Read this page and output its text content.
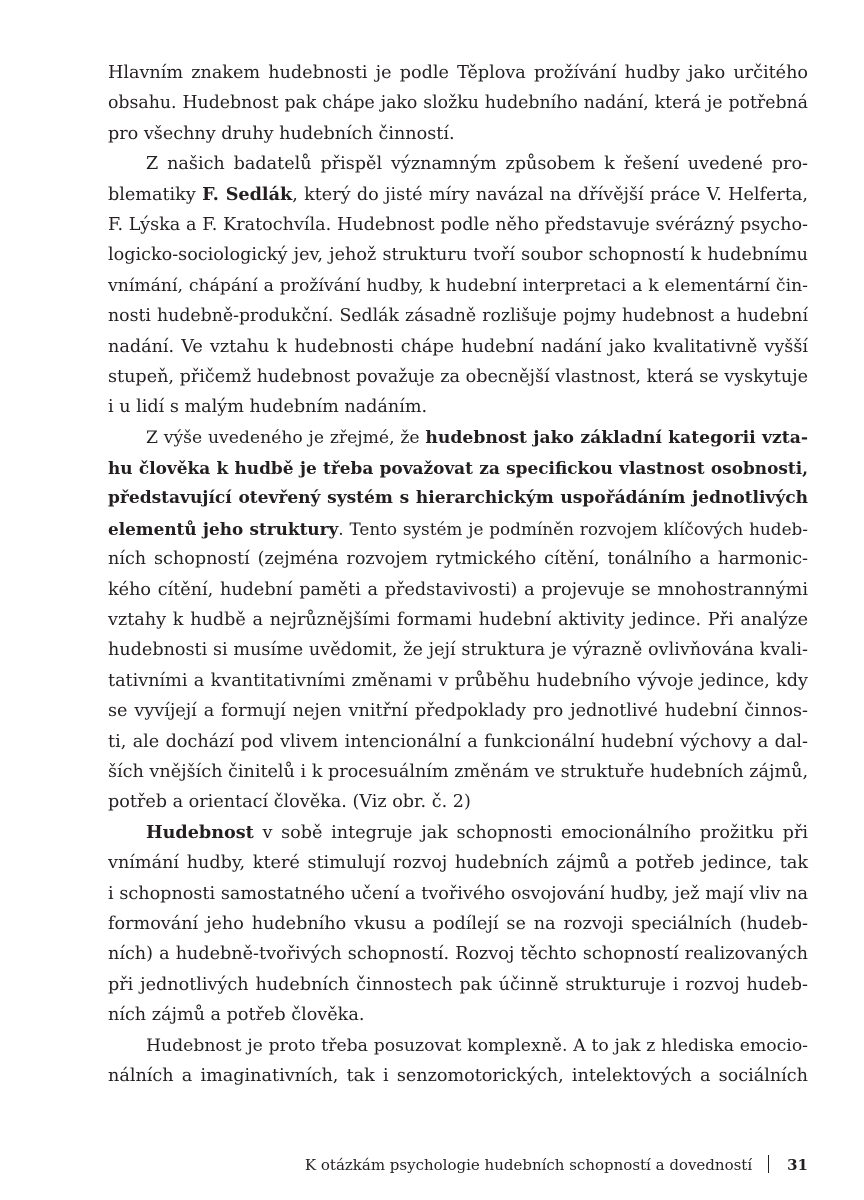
Hlavním znakem hudebnosti je podle Těplova prožívání hudby jako určitého
obsahu. Hudebnost pak chápe jako složku hudebního nadání, která je potřebná
pro všechny druhy hudebních činností.
Z našich badatelů přispěl významným způsobem k řešení uvedené pro-
blematiky F. Sedlák, který do jisté míry navázal na dřívější práce V. Helferta,
F. Lýska a F. Kratochvíla. Hudebnost podle něho představuje svérázný psycho-
logicko-sociologický jev, jehož strukturu tvoří soubor schopností k hudebnímu
vnímání, chápání a prožívání hudby, k hudební interpretaci a k elementární čin-
nosti hudebně-produkční. Sedlák zásadně rozlišuje pojmy hudebnost a hudební
nadání. Ve vztahu k hudebnosti chápe hudební nadání jako kvalitativně vyšší
stupeň, přičemž hudebnost považuje za obecnější vlastnost, která se vyskytuje
i u lidí s malým hudebním nadáním.
Z výše uvedeného je zřejmé, že hudebnost jako základní kategorii vzta-
hu člověka k hudbě je třeba považovat za specifickou vlastnost osobnosti,
představující otevřený systém s hierarchickým uspořádáním jednotlivých
elementů jeho struktury. Tento systém je podmíněn rozvojem klíčových hudeb-
ních schopností (zejména rozvojem rytmického cítění, tonálního a harmonic-
kého cítění, hudební paměti a představivosti) a projevuje se mnohostrannými
vztahy k hudbě a nejrůznějšími formami hudební aktivity jedince. Při analýze
hudebnosti si musíme uvědomit, že její struktura je výrazně ovlivňována kvali-
tativními a kvantitativními změnami v průběhu hudebního vývoje jedince, kdy
se vyvíjejí a formují nejen vnitřní předpoklady pro jednotlivé hudební činnos-
ti, ale dochází pod vlivem intencionální a funkcionální hudební výchovy a dal-
ších vnějších činitelů i k procesuálním změnám ve struktuře hudebních zájmů,
potřeb a orientací člověka. (Viz obr. č. 2)
Hudebnost v sobě integruje jak schopnosti emocionálního prožitku při
vnímání hudby, které stimulují rozvoj hudebních zájmů a potřeb jedince, tak
i schopnosti samostatného učení a tvořivého osvojování hudby, jež mají vliv na
formování jeho hudebního vkusu a podílejí se na rozvoji speciálních (hudeb-
ních) a hudebně-tvořivých schopností. Rozvoj těchto schopností realizovaných
při jednotlivých hudebních činnostech pak účinně strukturuje i rozvoj hudeb-
ních zájmů a potřeb člověka.
Hudebnost je proto třeba posuzovat komplexně. A to jak z hlediska emocio-
nálních a imaginativních, tak i senzomotorických, intelektových a sociálních
K otázkám psychologie hudebních schopností a dovedností 31
